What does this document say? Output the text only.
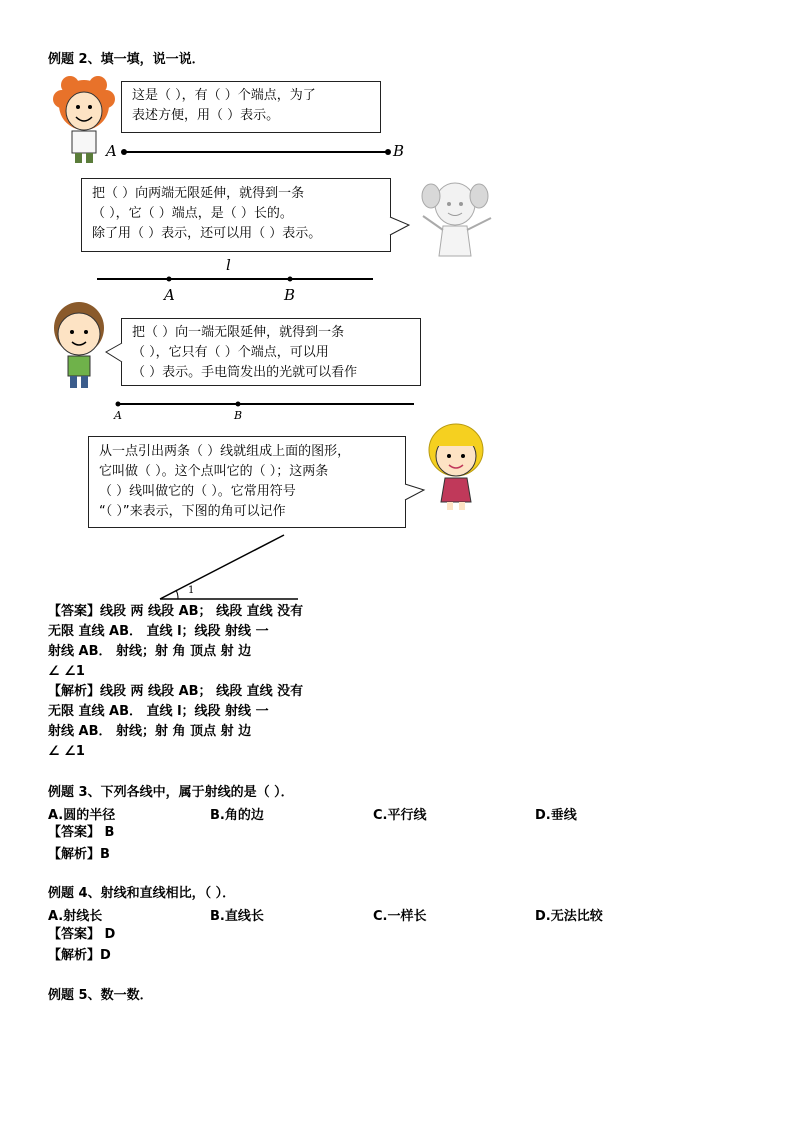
例题 2、填一填，说一说．
这是（ ），有（ ）个端点，为了
表述方便，用（ ）表示。
A	B
把（ ）向两端无限延伸，就得到一条
（ ），它（ ）端点，是（ ）长的。
除了用（ ）表示，还可以用（ ）表示。
l
A	B
把（ ）向一端无限延伸，就得到一条
（ ），它只有（ ）个端点，可以用
（ ）表示。手电筒发出的光就可以看作
A	B
从一点引出两条（ ）线就组成上面的图形，
它叫做（ ）。这个点叫它的（ ）；这两条
（ ）线叫做它的（ ）。它常用符号
“（ ）”来表示，下图的角可以记作
1
【答案】线段 两 线段 AB； 线段 直线 没有
无限 直线 AB． 直线 l；线段 射线 一
射线 AB． 射线；射 角 顶点 射 边
∠ ∠1
【解析】线段 两 线段 AB； 线段 直线 没有
无限 直线 AB． 直线 l；线段 射线 一
射线 AB． 射线；射 角 顶点 射 边
∠ ∠1
例题 3、下列各线中，属于射线的是（ ）．
A.圆的半径	B.角的边	C.平行线	D.垂线
【答案】 B
【解析】B
例题 4、射线和直线相比，（ ）．
A.射线长	B.直线长	C.一样长	D.无法比较
【答案】 D
【解析】D
例题 5、数一数．
